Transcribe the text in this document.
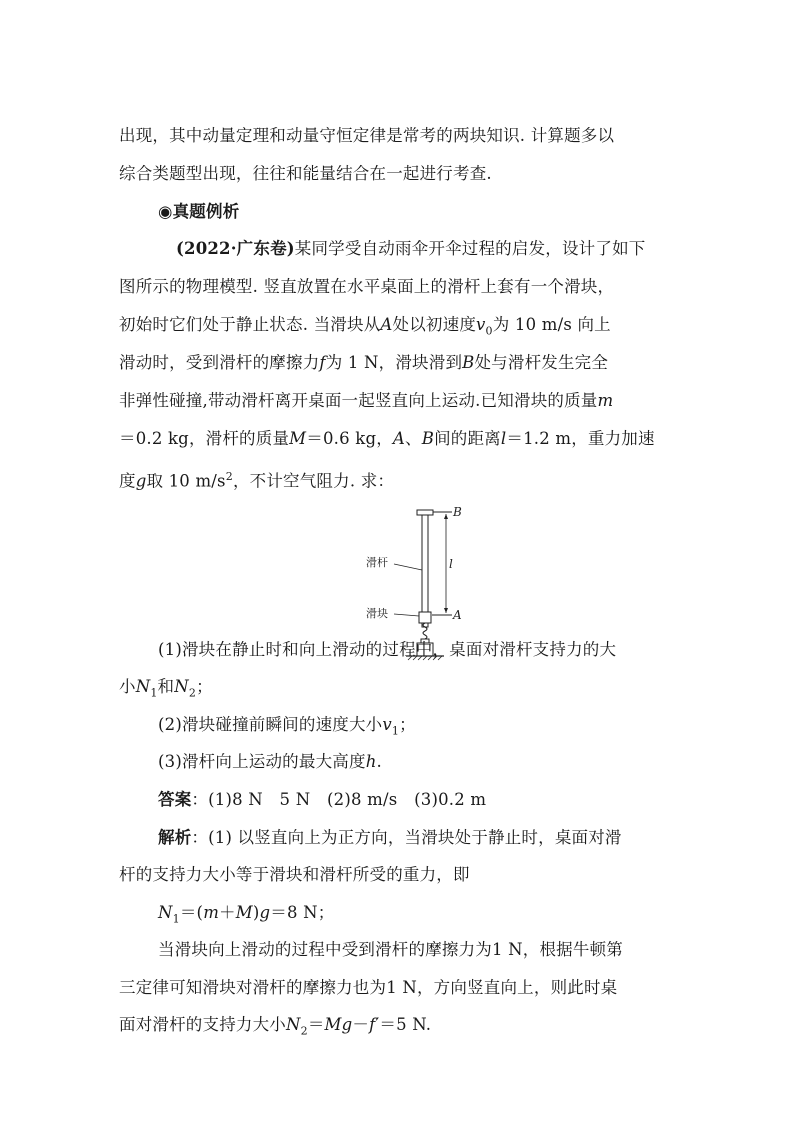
出现，其中动量定理和动量守恒定律是常考的两块知识. 计算题多以
综合类题型出现，往往和能量结合在一起进行考查.
◉真题例析
(2022·广东卷)某同学受自动雨伞开伞过程的启发，设计了如下
图所示的物理模型. 竖直放置在水平桌面上的滑杆上套有一个滑块，
初始时它们处于静止状态. 当滑块从A处以初速度$v_0$为 10 m/s 向上
滑动时，受到滑杆的摩擦力f为 1 N，滑块滑到B处与滑杆发生完全
非弹性碰撞,带动滑杆离开桌面一起竖直向上运动.已知滑块的质量m
＝0.2 kg，滑杆的质量M＝0.6 kg，A、B间的距离l＝1.2 m，重力加速
度g取 10 $m/s^2$，不计空气阻力. 求：
滑杆
滑块
B
A
l
(1)滑块在静止时和向上滑动的过程中，桌面对滑杆支持力的大
小$N_1$和$N_2$；
(2)滑块碰撞前瞬间的速度大小$v_1$；
(3)滑杆向上运动的最大高度h.
答案：(1)8 N　5 N　(2)8 m/s　(3)0.2 m
解析：(1) 以竖直向上为正方向，当滑块处于静止时，桌面对滑
杆的支持力大小等于滑块和滑杆所受的重力，即
$N_1=(m+M)g=8$ N；
当滑块向上滑动的过程中受到滑杆的摩擦力为1 N，根据牛顿第
三定律可知滑块对滑杆的摩擦力也为1 N，方向竖直向上，则此时桌
面对滑杆的支持力大小$N_2=Mg-f'=5$ N.
